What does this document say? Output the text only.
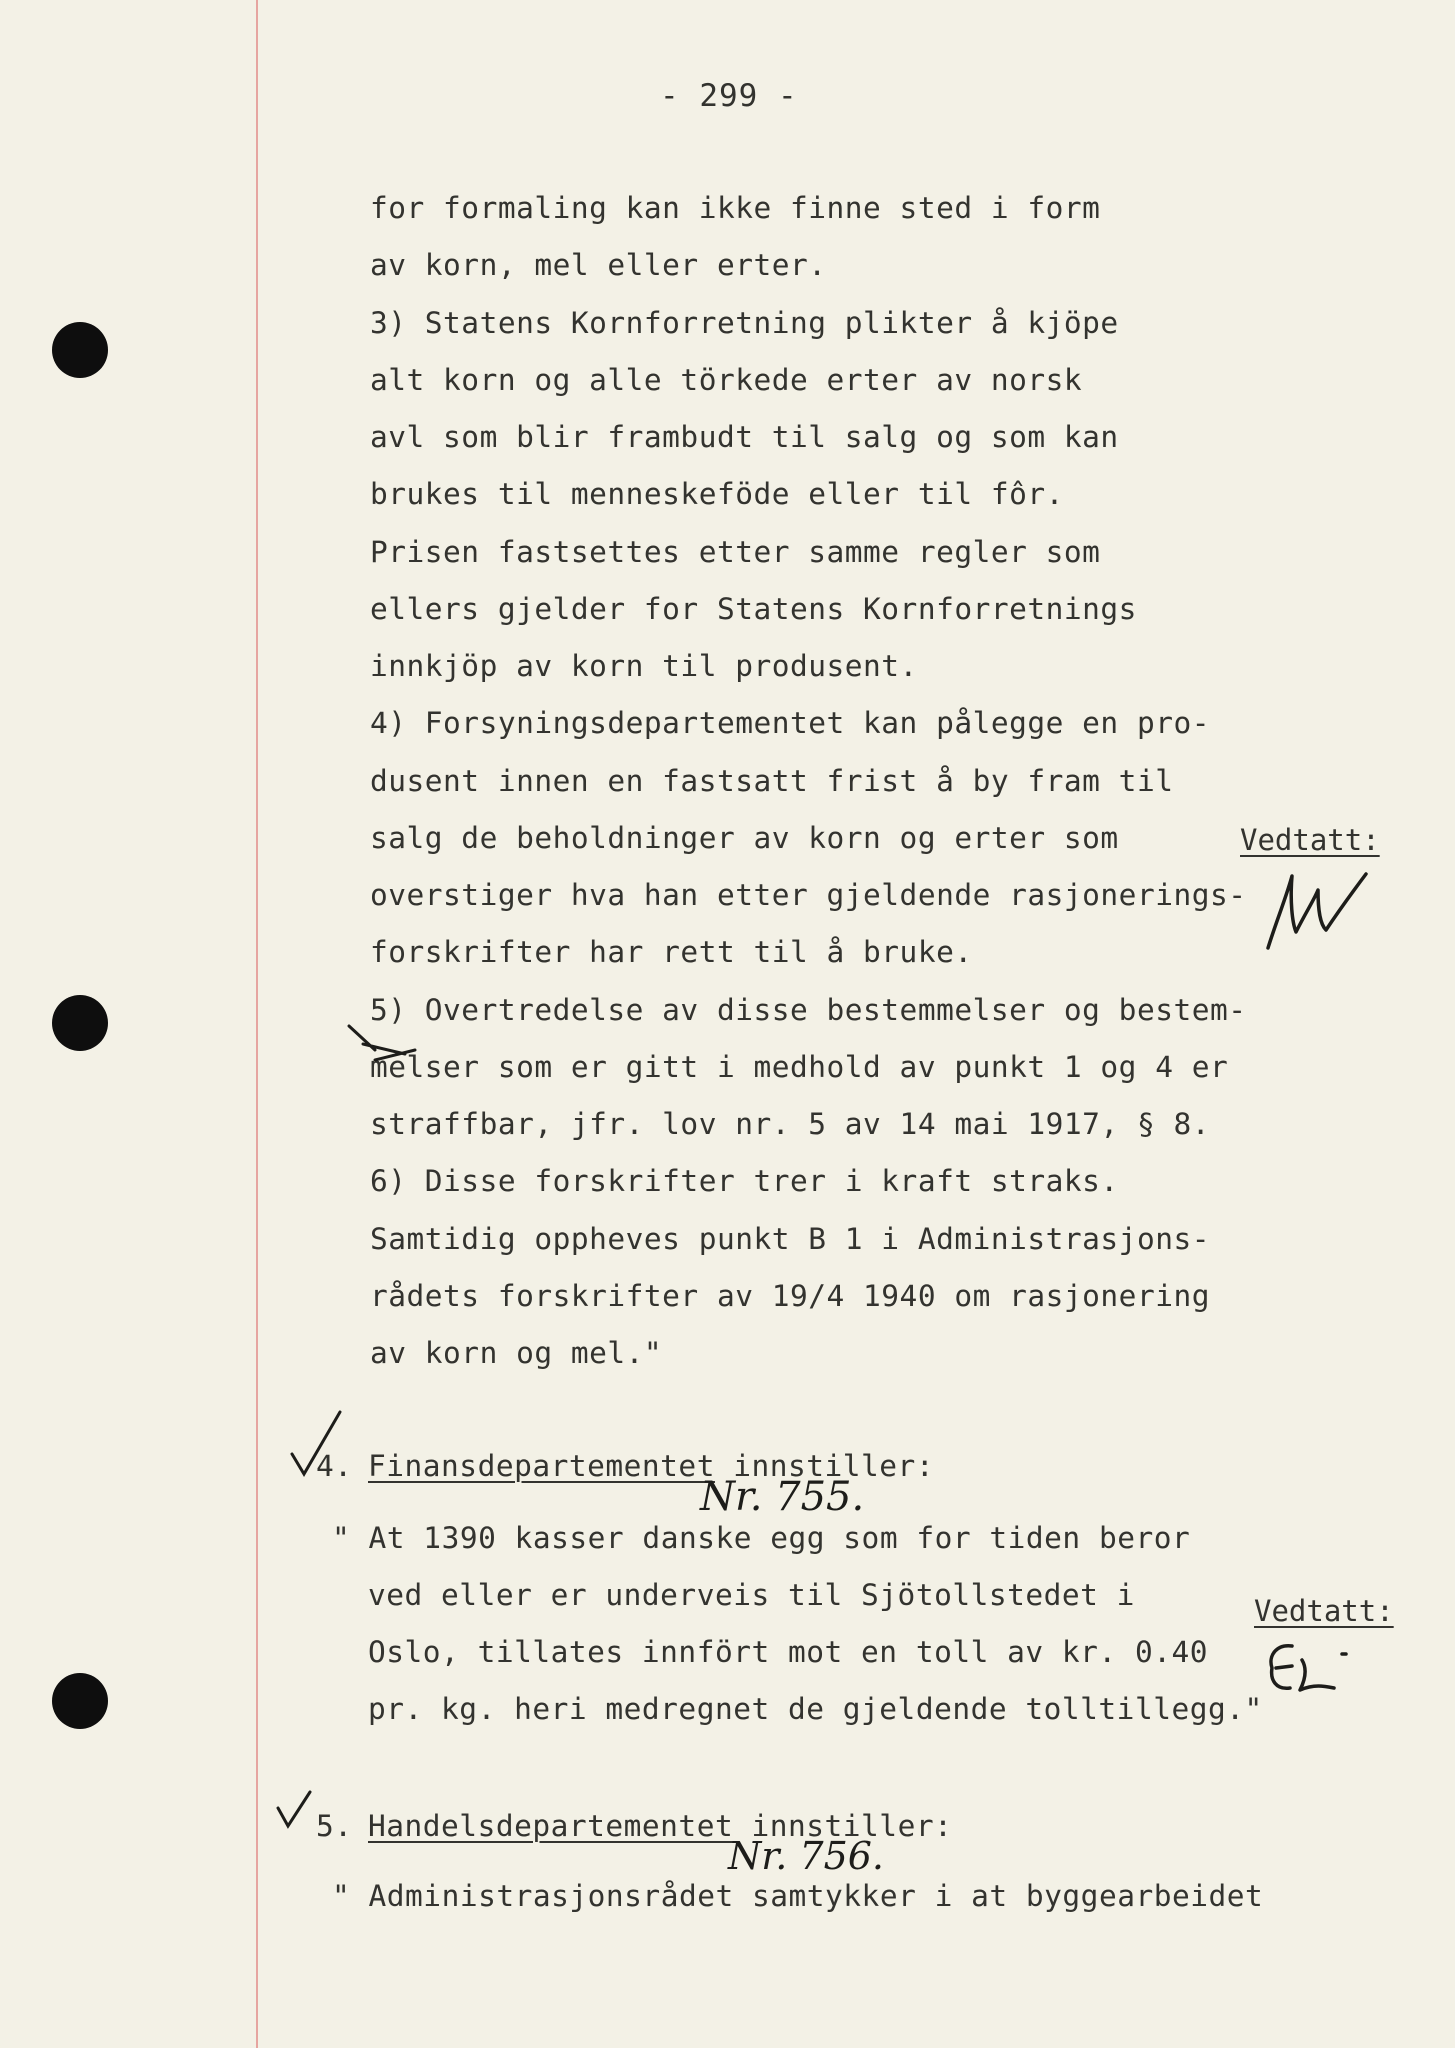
- 299 -
for formaling kan ikke finne sted i form
av korn, mel eller erter.
3) Statens Kornforretning plikter å kjöpe
alt korn og alle törkede erter av norsk
avl som blir frambudt til salg og som kan
brukes til menneskeföde eller til fôr.
Prisen fastsettes etter samme regler som
ellers gjelder for Statens Kornforretnings
innkjöp av korn til produsent.
4) Forsyningsdepartementet kan pålegge en pro-
dusent innen en fastsatt frist å by fram til
salg de beholdninger av korn og erter som
overstiger hva han etter gjeldende rasjonerings-
forskrifter har rett til å bruke.
5) Overtredelse av disse bestemmelser og bestem-
melser som er gitt i medhold av punkt 1 og 4 er
straffbar, jfr. lov nr. 5 av 14 mai 1917, § 8.
6) Disse forskrifter trer i kraft straks.
Samtidig oppheves punkt B 1 i Administrasjons-
rådets forskrifter av 19/4 1940 om rasjonering
av korn og mel."
4. Finansdepartementet innstiller:
Nr. 755.
" At 1390 kasser danske egg som for tiden beror
ved eller er underveis til Sjötollstedet i
Oslo, tillates innfört mot en toll av kr. 0.40
pr. kg. heri medregnet de gjeldende tolltillegg."
5. Handelsdepartementet innstiller:
Nr. 756.
" Administrasjonsrådet samtykker i at byggearbeidet
Vedtatt:
Vedtatt:
